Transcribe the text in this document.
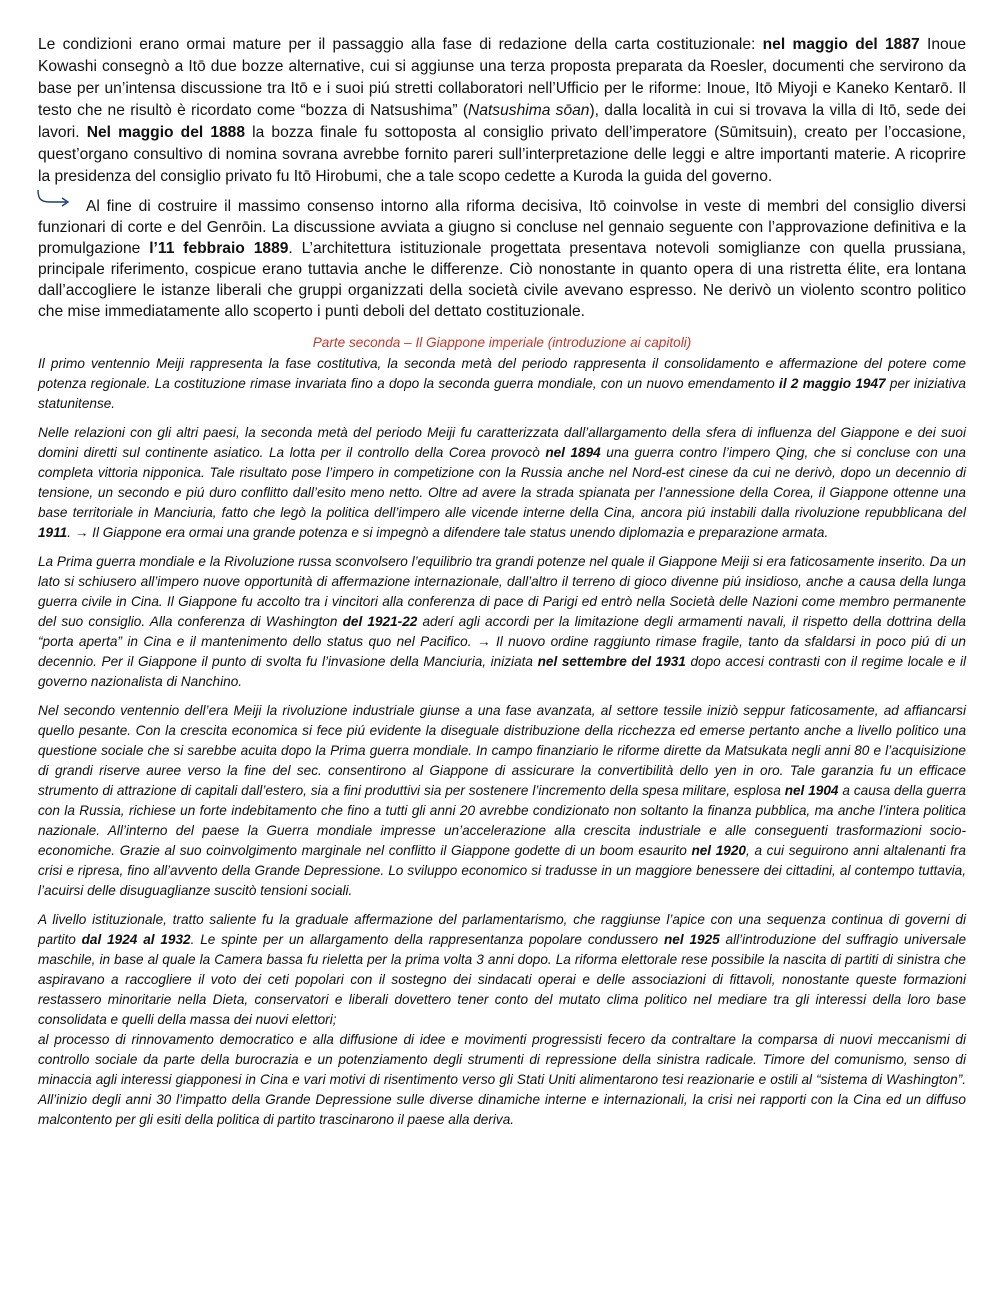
Le condizioni erano ormai mature per il passaggio alla fase di redazione della carta costituzionale: nel maggio del 1887 Inoue Kowashi consegnò a Itō due bozze alternative, cui si aggiunse una terza proposta preparata da Roesler, documenti che servirono da base per un’intensa discussione tra Itō e i suoi piú stretti collaboratori nell’Ufficio per le riforme: Inoue, Itō Miyoji e Kaneko Kentarō. Il testo che ne risultò è ricordato come “bozza di Natsushima” (Natsushima sōan), dalla località in cui si trovava la villa di Itō, sede dei lavori. Nel maggio del 1888 la bozza finale fu sottoposta al consiglio privato dell’imperatore (Sūmitsuin), creato per l’occasione, quest’organo consultivo di nomina sovrana avrebbe fornito pareri sull’interpretazione delle leggi e altre importanti materie. A ricoprire la presidenza del consiglio privato fu Itō Hirobumi, che a tale scopo cedette a Kuroda la guida del governo.

Al fine di costruire il massimo consenso intorno alla riforma decisiva, Itō coinvolse in veste di membri del consiglio diversi funzionari di corte e del Genrōin. La discussione avviata a giugno si concluse nel gennaio seguente con l’approvazione definitiva e la promulgazione l’11 febbraio 1889. L’architettura istituzionale progettata presentava notevoli somiglianze con quella prussiana, principale riferimento, cospicue erano tuttavia anche le differenze. Ciò nonostante in quanto opera di una ristretta élite, era lontana dall’accogliere le istanze liberali che gruppi organizzati della società civile avevano espresso. Ne derivò un violento scontro politico che mise immediatamente allo scoperto i punti deboli del dettato costituzionale.

Parte seconda – Il Giappone imperiale (introduzione ai capitoli)

Il primo ventennio Meiji rappresenta la fase costitutiva, la seconda metà del periodo rappresenta il consolidamento e affermazione del potere come potenza regionale. La costituzione rimase invariata fino a dopo la seconda guerra mondiale, con un nuovo emendamento il 2 maggio 1947 per iniziativa statunitense.

Nelle relazioni con gli altri paesi, la seconda metà del periodo Meiji fu caratterizzata dall’allargamento della sfera di influenza del Giappone e dei suoi domini diretti sul continente asiatico. La lotta per il controllo della Corea provocò nel 1894 una guerra contro l’impero Qing, che si concluse con una completa vittoria nipponica. Tale risultato pose l’impero in competizione con la Russia anche nel Nord-est cinese da cui ne derivò, dopo un decennio di tensione, un secondo e piú duro conflitto dall’esito meno netto. Oltre ad avere la strada spianata per l’annessione della Corea, il Giappone ottenne una base territoriale in Manciuria, fatto che legò la politica dell’impero alle vicende interne della Cina, ancora piú instabili dalla rivoluzione repubblicana del 1911. → Il Giappone era ormai una grande potenza e si impegnò a difendere tale status unendo diplomazia e preparazione armata.

La Prima guerra mondiale e la Rivoluzione russa sconvolsero l’equilibrio tra grandi potenze nel quale il Giappone Meiji si era faticosamente inserito. Da un lato si schiusero all’impero nuove opportunità di affermazione internazionale, dall’altro il terreno di gioco divenne piú insidioso, anche a causa della lunga guerra civile in Cina. Il Giappone fu accolto tra i vincitori alla conferenza di pace di Parigi ed entrò nella Società delle Nazioni come membro permanente del suo consiglio. Alla conferenza di Washington del 1921-22 aderí agli accordi per la limitazione degli armamenti navali, il rispetto della dottrina della “porta aperta” in Cina e il mantenimento dello status quo nel Pacifico. → Il nuovo ordine raggiunto rimase fragile, tanto da sfaldarsi in poco piú di un decennio. Per il Giappone il punto di svolta fu l’invasione della Manciuria, iniziata nel settembre del 1931 dopo accesi contrasti con il regime locale e il governo nazionalista di Nanchino.

Nel secondo ventennio dell’era Meiji la rivoluzione industriale giunse a una fase avanzata, al settore tessile iniziò seppur faticosamente, ad affiancarsi quello pesante. Con la crescita economica si fece piú evidente la diseguale distribuzione della ricchezza ed emerse pertanto anche a livello politico una questione sociale che si sarebbe acuita dopo la Prima guerra mondiale. In campo finanziario le riforme dirette da Matsukata negli anni 80 e l’acquisizione di grandi riserve auree verso la fine del sec. consentirono al Giappone di assicurare la convertibilità dello yen in oro. Tale garanzia fu un efficace strumento di attrazione di capitali dall’estero, sia a fini produttivi sia per sostenere l’incremento della spesa militare, esplosa nel 1904 a causa della guerra con la Russia, richiese un forte indebitamento che fino a tutti gli anni 20 avrebbe condizionato non soltanto la finanza pubblica, ma anche l’intera politica nazionale. All’interno del paese la Guerra mondiale impresse un’accelerazione alla crescita industriale e alle conseguenti trasformazioni socio-economiche. Grazie al suo coinvolgimento marginale nel conflitto il Giappone godette di un boom esaurito nel 1920, a cui seguirono anni altalenanti fra crisi e ripresa, fino all’avvento della Grande Depressione. Lo sviluppo economico si tradusse in un maggiore benessere dei cittadini, al contempo tuttavia, l’acuirsi delle disuguaglianze suscitò tensioni sociali.

A livello istituzionale, tratto saliente fu la graduale affermazione del parlamentarismo, che raggiunse l’apice con una sequenza continua di governi di partito dal 1924 al 1932. Le spinte per un allargamento della rappresentanza popolare condussero nel 1925 all’introduzione del suffragio universale maschile, in base al quale la Camera bassa fu rieletta per la prima volta 3 anni dopo. La riforma elettorale rese possibile la nascita di partiti di sinistra che aspiravano a raccogliere il voto dei ceti popolari con il sostegno dei sindacati operai e delle associazioni di fittavoli, nonostante queste formazioni restassero minoritarie nella Dieta, conservatori e liberali dovettero tener conto del mutato clima politico nel mediare tra gli interessi della loro base consolidata e quelli della massa dei nuovi elettori;

al processo di rinnovamento democratico e alla diffusione di idee e movimenti progressisti fecero da contraltare la comparsa di nuovi meccanismi di controllo sociale da parte della burocrazia e un potenziamento degli strumenti di repressione della sinistra radicale. Timore del comunismo, senso di minaccia agli interessi giapponesi in Cina e vari motivi di risentimento verso gli Stati Uniti alimentarono tesi reazionarie e ostili al “sistema di Washington”. All’inizio degli anni 30 l’impatto della Grande Depressione sulle diverse dinamiche interne e internazionali, la crisi nei rapporti con la Cina ed un diffuso malcontento per gli esiti della politica di partito trascinarono il paese alla deriva.
